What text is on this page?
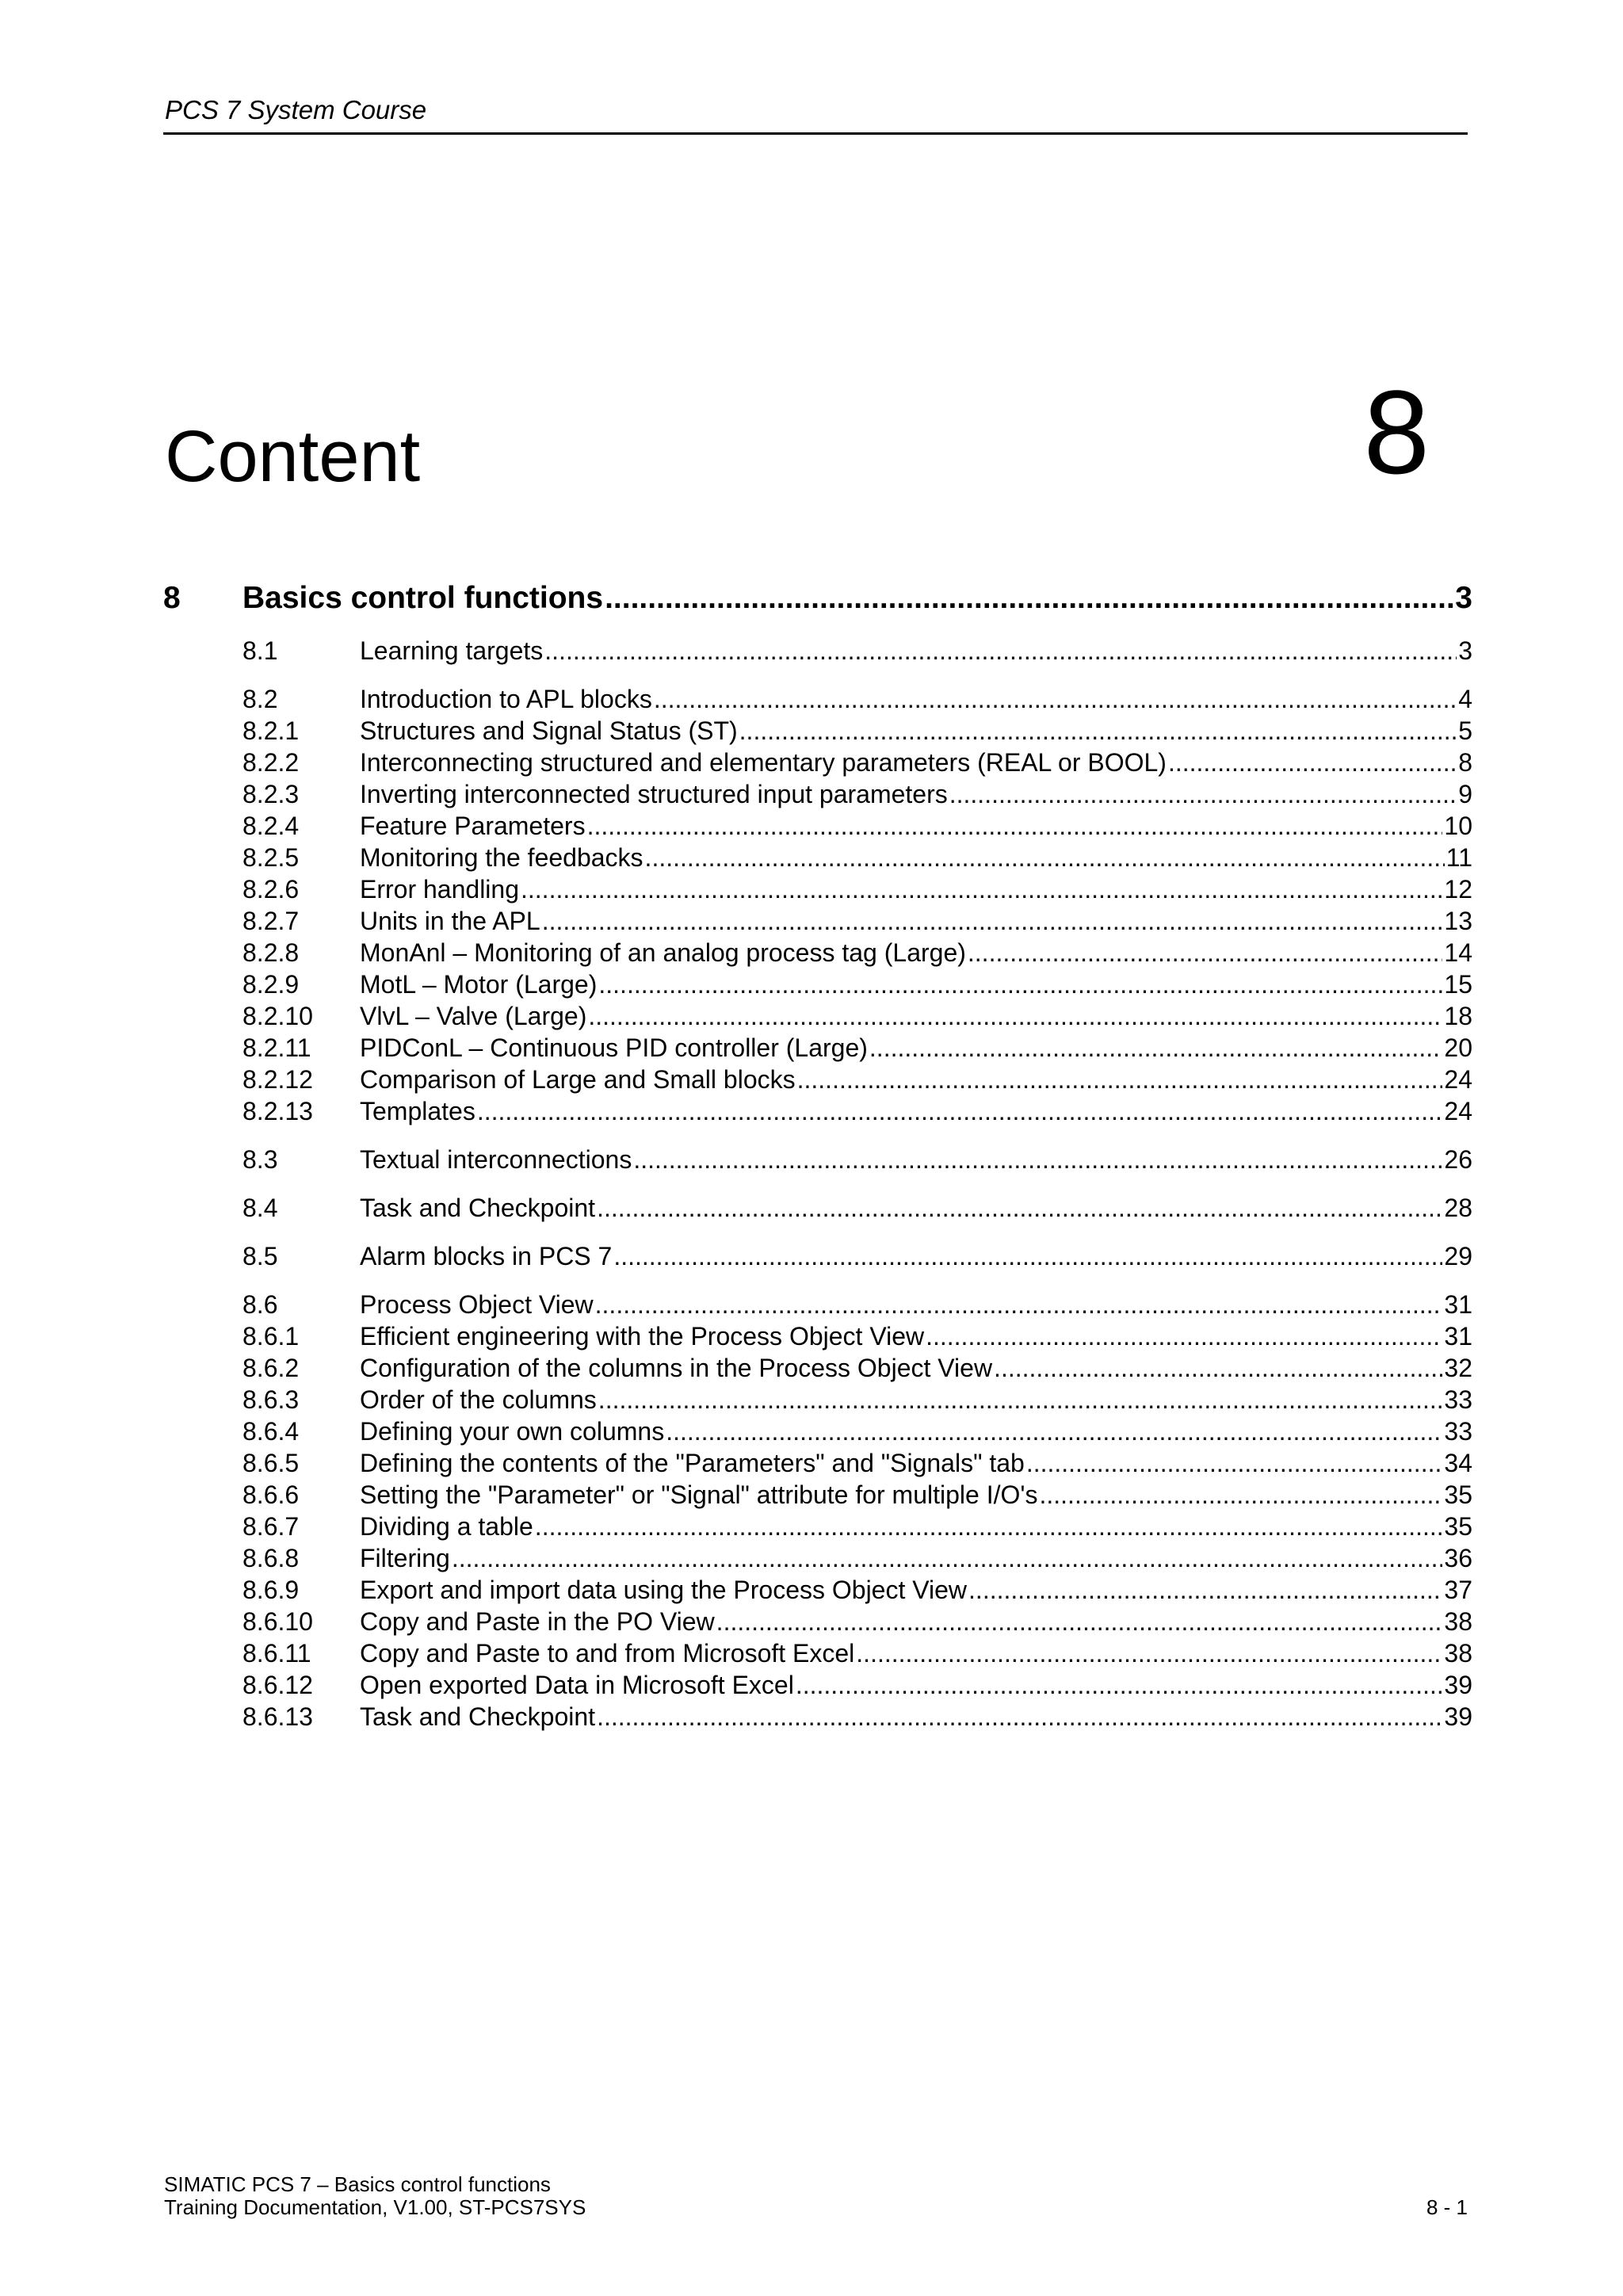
PCS 7 System Course
Content	8
8	Basics control functions .....	3
8.1	Learning targets .....	3
8.2	Introduction to APL blocks .....	4
8.2.1	Structures and Signal Status (ST) .....	5
8.2.2	Interconnecting structured and elementary parameters (REAL or BOOL) .....	8
8.2.3	Inverting interconnected structured input parameters .....	9
8.2.4	Feature Parameters .....	10
8.2.5	Monitoring the feedbacks .....	11
8.2.6	Error handling .....	12
8.2.7	Units in the APL .....	13
8.2.8	MonAnl – Monitoring of an analog process tag (Large) .....	14
8.2.9	MotL – Motor (Large) .....	15
8.2.10	VlvL – Valve (Large) .....	18
8.2.11	PIDConL – Continuous PID controller (Large) .....	20
8.2.12	Comparison of Large and Small blocks .....	24
8.2.13	Templates .....	24
8.3	Textual interconnections .....	26
8.4	Task and Checkpoint .....	28
8.5	Alarm blocks in PCS 7 .....	29
8.6	Process Object View .....	31
8.6.1	Efficient engineering with the Process Object View .....	31
8.6.2	Configuration of the columns in the Process Object View .....	32
8.6.3	Order of the columns .....	33
8.6.4	Defining your own columns .....	33
8.6.5	Defining the contents of the "Parameters" and "Signals" tab .....	34
8.6.6	Setting the "Parameter" or "Signal" attribute for multiple I/O's .....	35
8.6.7	Dividing a table .....	35
8.6.8	Filtering .....	36
8.6.9	Export and import data using the Process Object View .....	37
8.6.10	Copy and Paste in the PO View .....	38
8.6.11	Copy and Paste to and from Microsoft Excel .....	38
8.6.12	Open exported Data in Microsoft Excel .....	39
8.6.13	Task and Checkpoint .....	39
SIMATIC PCS 7 – Basics control functions
Training Documentation, V1.00, ST-PCS7SYS	8 - 1
